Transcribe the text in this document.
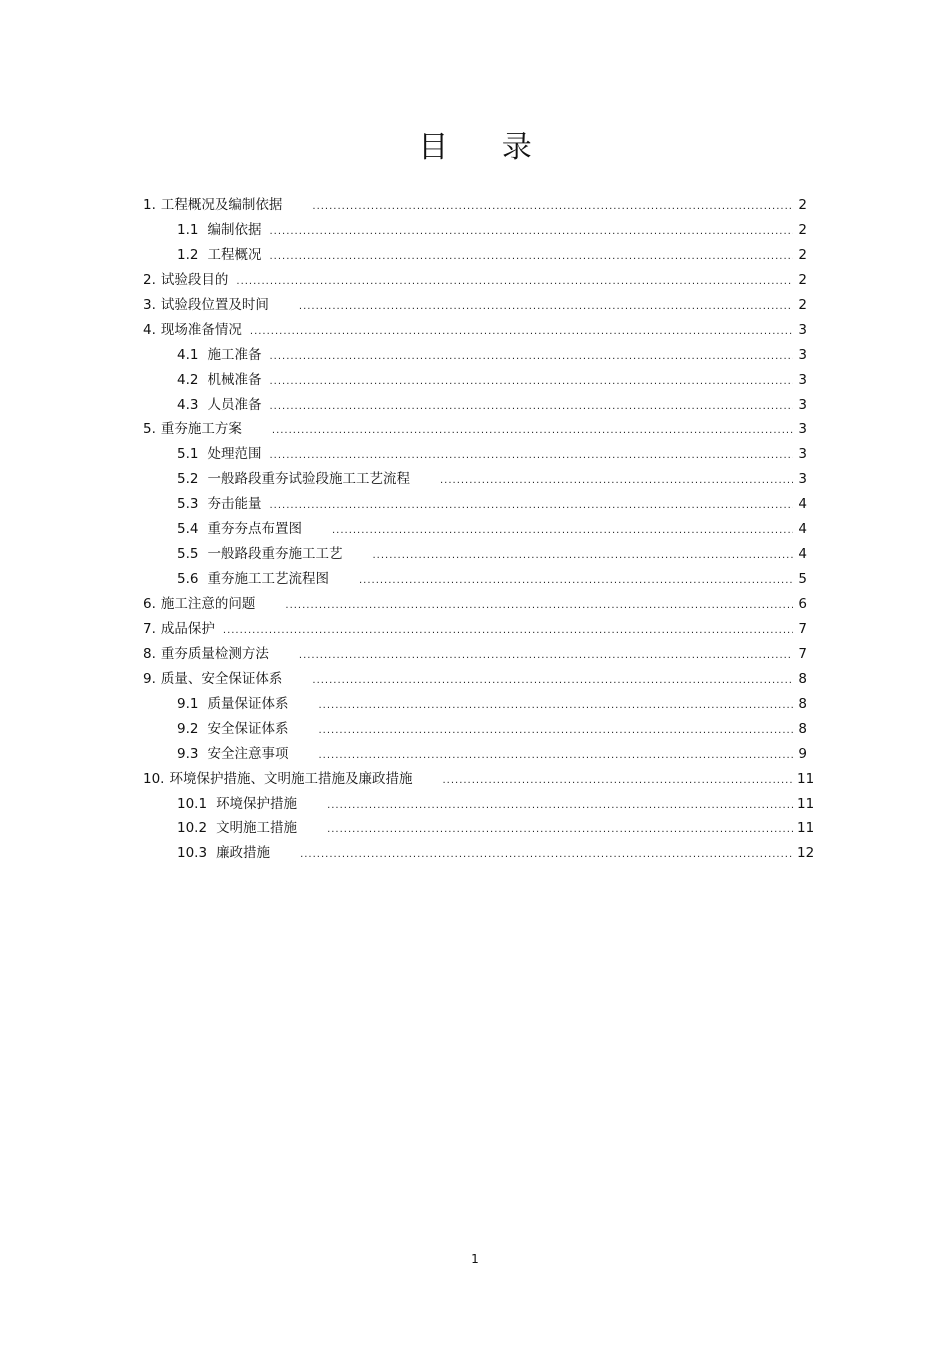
目 录
1. 工程概况及编制依据 .....	2
1.1 编制依据 .....	2
1.2 工程概况 .....	2
2. 试验段目的 .....	2
3. 试验段位置及时间 .....	2
4. 现场准备情况 .....	3
4.1 施工准备 .....	3
4.2 机械准备 .....	3
4.3 人员准备 .....	3
5. 重夯施工方案 .....	3
5.1 处理范围 .....	3
5.2 一般路段重夯试验段施工工艺流程 .....	3
5.3 夯击能量 .....	4
5.4 重夯夯点布置图 .....	4
5.5 一般路段重夯施工工艺 .....	4
5.6 重夯施工工艺流程图 .....	5
6. 施工注意的问题 .....	6
7. 成品保护 .....	7
8. 重夯质量检测方法 .....	7
9. 质量、安全保证体系 .....	8
9.1 质量保证体系 .....	8
9.2 安全保证体系 .....	8
9.3 安全注意事项 .....	9
10. 环境保护措施、文明施工措施及廉政措施 .....	11
10.1 环境保护措施 .....	11
10.2 文明施工措施 .....	11
10.3 廉政措施 .....	12
1
